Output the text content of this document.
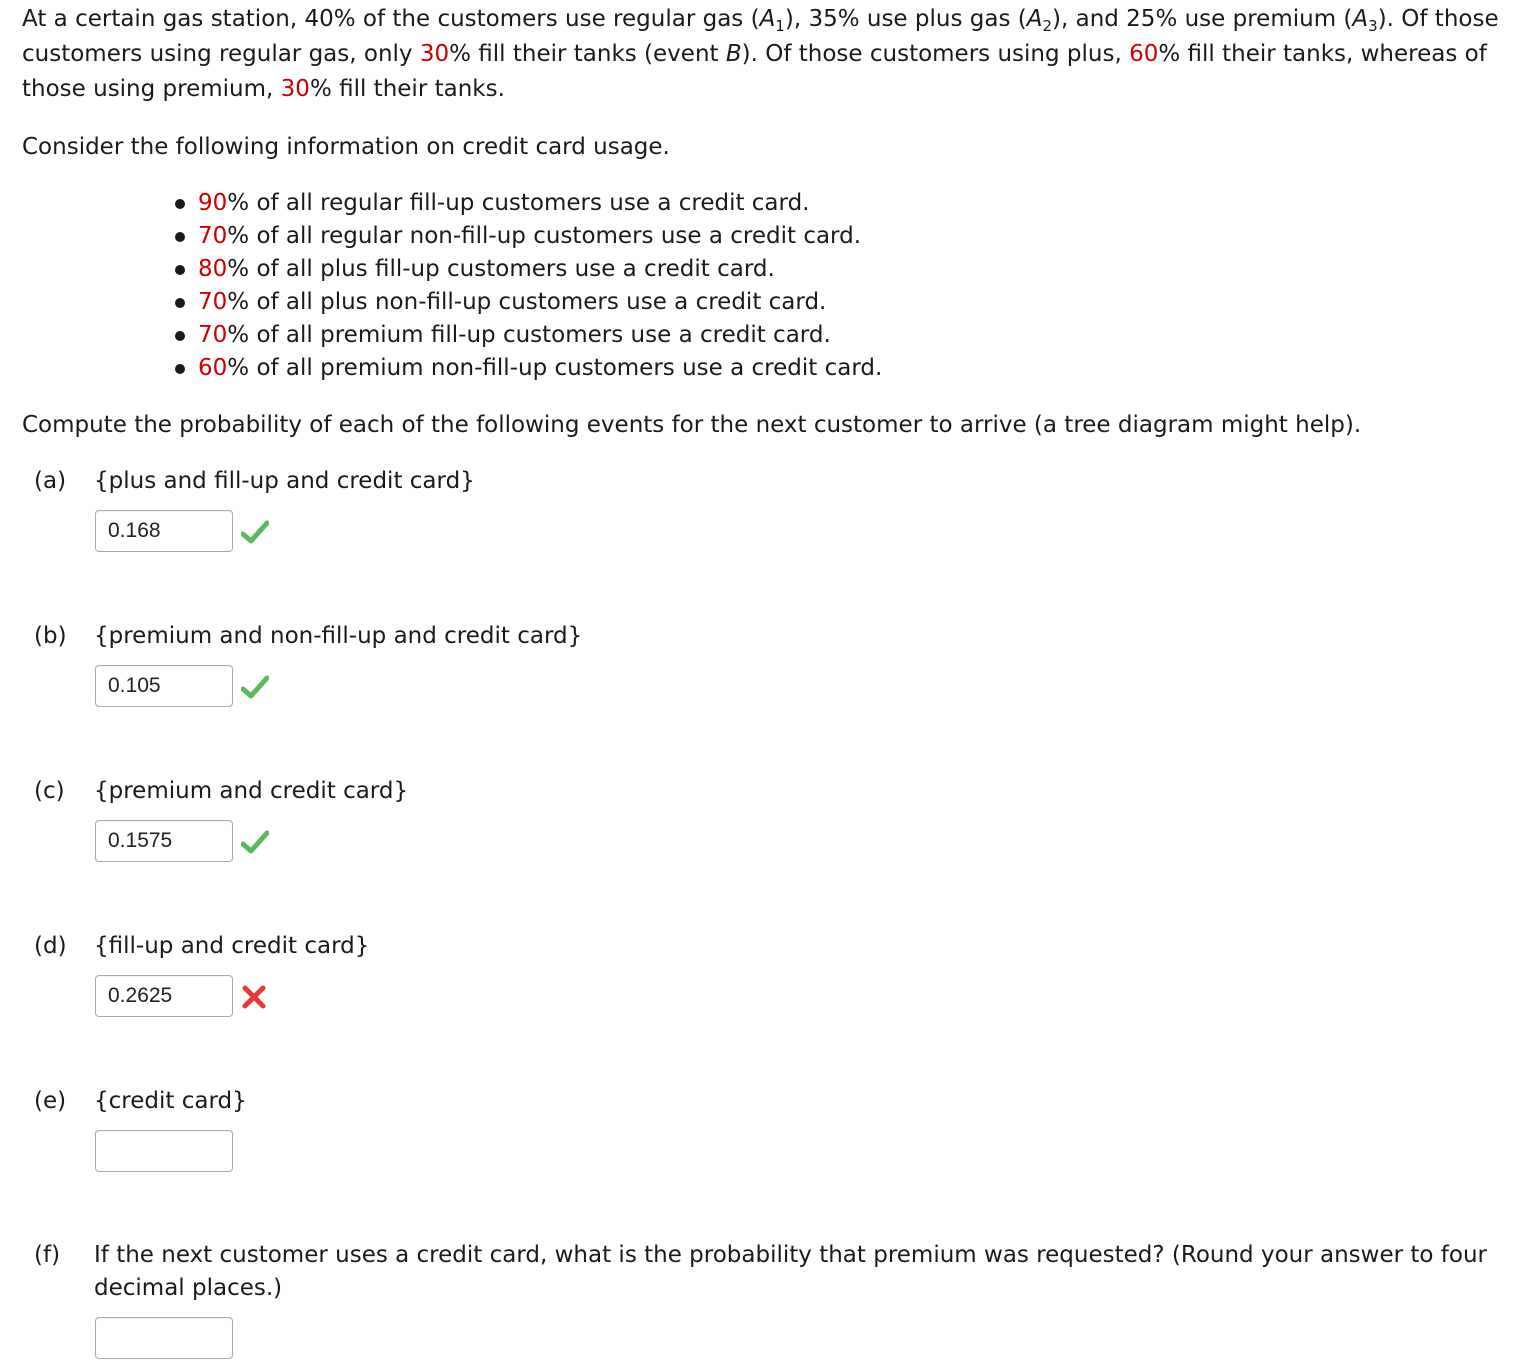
At a certain gas station, 40% of the customers use regular gas $(A_1)$, 35% use plus gas $(A_2)$, and 25% use premium $(A_3)$. Of those customers using regular gas, only 30% fill their tanks (event B). Of those customers using plus, 60% fill their tanks, whereas of those using premium, 30% fill their tanks.
Consider the following information on credit card usage.
90% of all regular fill-up customers use a credit card.
70% of all regular non-fill-up customers use a credit card.
80% of all plus fill-up customers use a credit card.
70% of all plus non-fill-up customers use a credit card.
70% of all premium fill-up customers use a credit card.
60% of all premium non-fill-up customers use a credit card.
Compute the probability of each of the following events for the next customer to arrive (a tree diagram might help).
(a) {plus and fill-up and credit card}
0.168
(b) {premium and non-fill-up and credit card}
0.105
(c) {premium and credit card}
0.1575
(d) {fill-up and credit card}
0.2625
(e) {credit card}
(f) If the next customer uses a credit card, what is the probability that premium was requested? (Round your answer to four decimal places.)
